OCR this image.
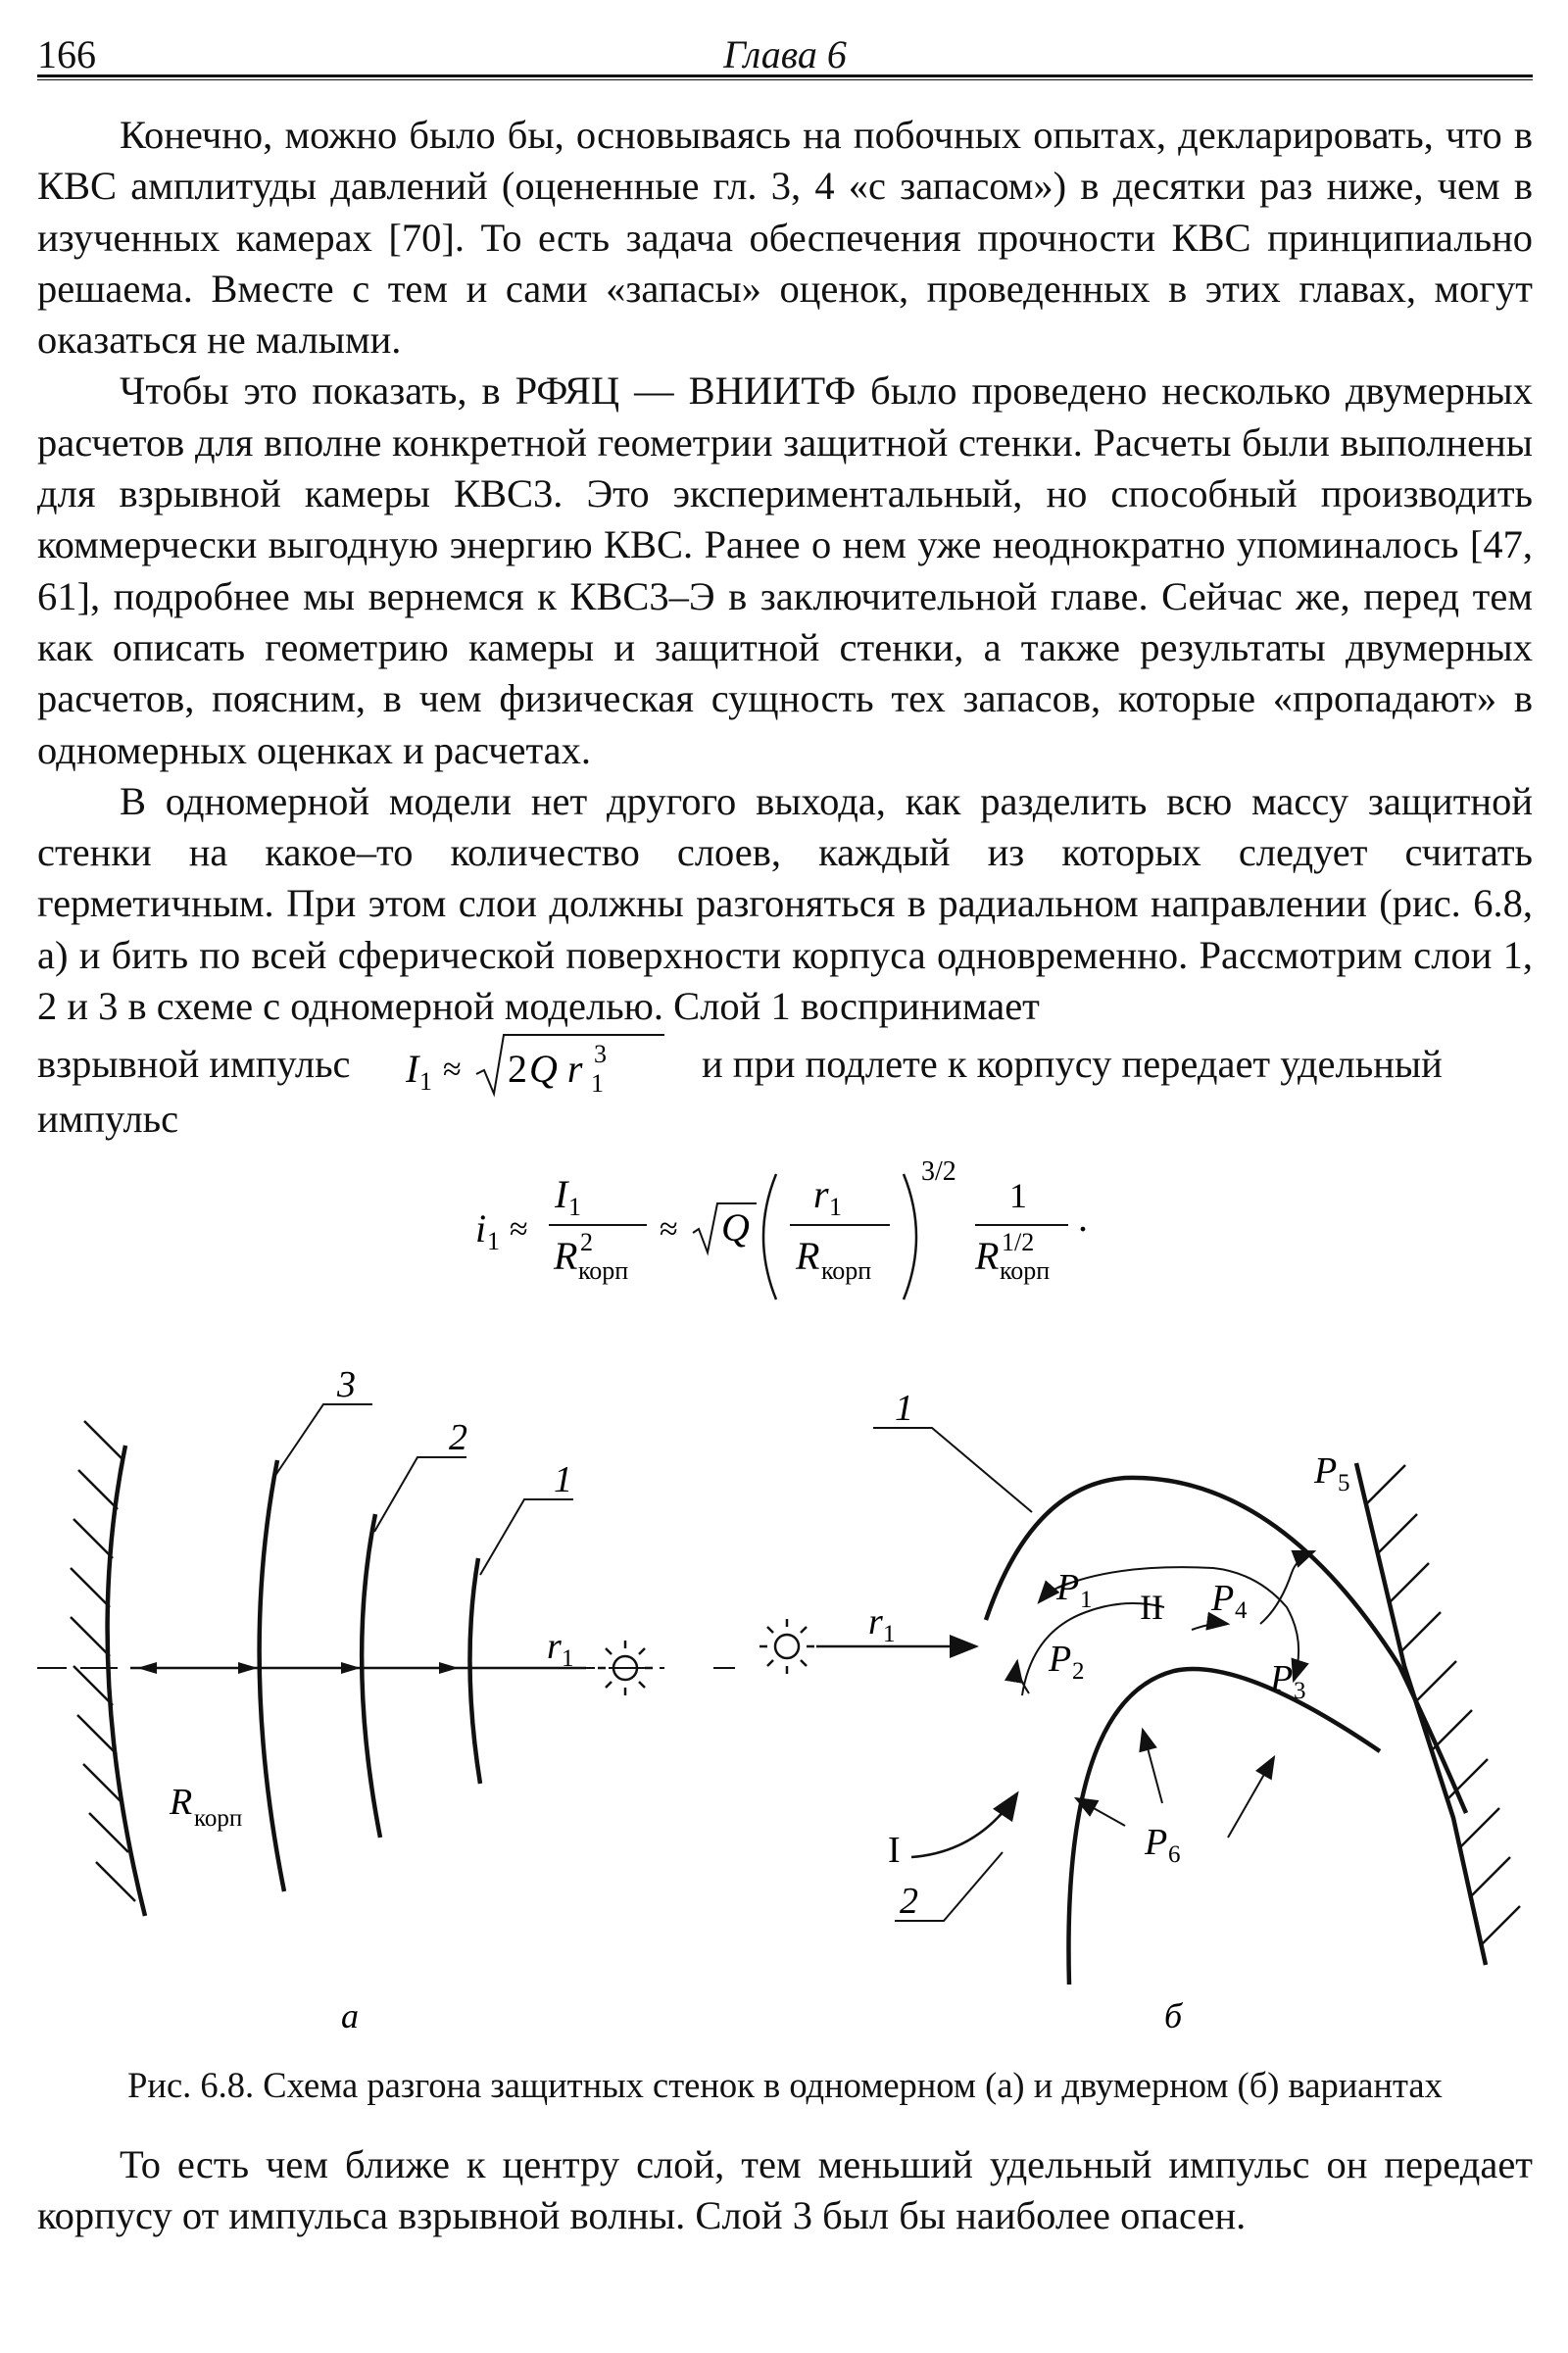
166	Глава 6

Конечно, можно было бы, основываясь на побочных опытах, декларировать, что в КВС амплитуды давлений (оцененные гл. 3, 4 «с запасом») в десятки раз ниже, чем в изученных камерах [70]. То есть задача обеспечения прочности КВС принципиально решаема. Вместе с тем и сами «запасы» оценок, проведенных в этих главах, могут оказаться не малыми.

Чтобы это показать, в РФЯЦ — ВНИИТФ было проведено несколько двумерных расчетов для вполне конкретной геометрии защитной стенки. Расчеты были выполнены для взрывной камеры КВС3. Это экспериментальный, но способный производить коммерчески выгодную энергию КВС. Ранее о нем уже неоднократно упоминалось [47, 61], подробнее мы вернемся к КВС3–Э в заключительной главе. Сейчас же, перед тем как описать геометрию камеры и защитной стенки, а также результаты двумерных расчетов, поясним, в чем физическая сущность тех запасов, которые «пропадают» в одномерных оценках и расчетах.

В одномерной модели нет другого выхода, как разделить всю массу защитной стенки на какое–то количество слоев, каждый из которых следует считать герметичным. При этом слои должны разгоняться в радиальном направлении (рис. 6.8, а) и бить по всей сферической поверхности корпуса одновременно. Рассмотрим слои 1, 2 и 3 в схеме с одномерной моделью. Слой 1 воспринимает

взрывной импульс I 1 ≈ 2 Q r 1
3 и при подлете к корпусу передает удельный
импульс
i 1 ≈
I 1
R 2
корп
≈ Q
r 1
R корп
3/2
1
R 1/2
корп
.
3
2
1
r 1
R корп
а
1
2
I
II
r 1
P 1
P 2	P 3
P 4
P 5
P 6
б
Рис. 6.8. Схема разгона защитных стенок в одномерном (а) и двумерном (б) вариантах

То есть чем ближе к центру слой, тем меньший удельный импульс он передает корпусу от импульса взрывной волны. Слой 3 был бы наиболее опасен.
